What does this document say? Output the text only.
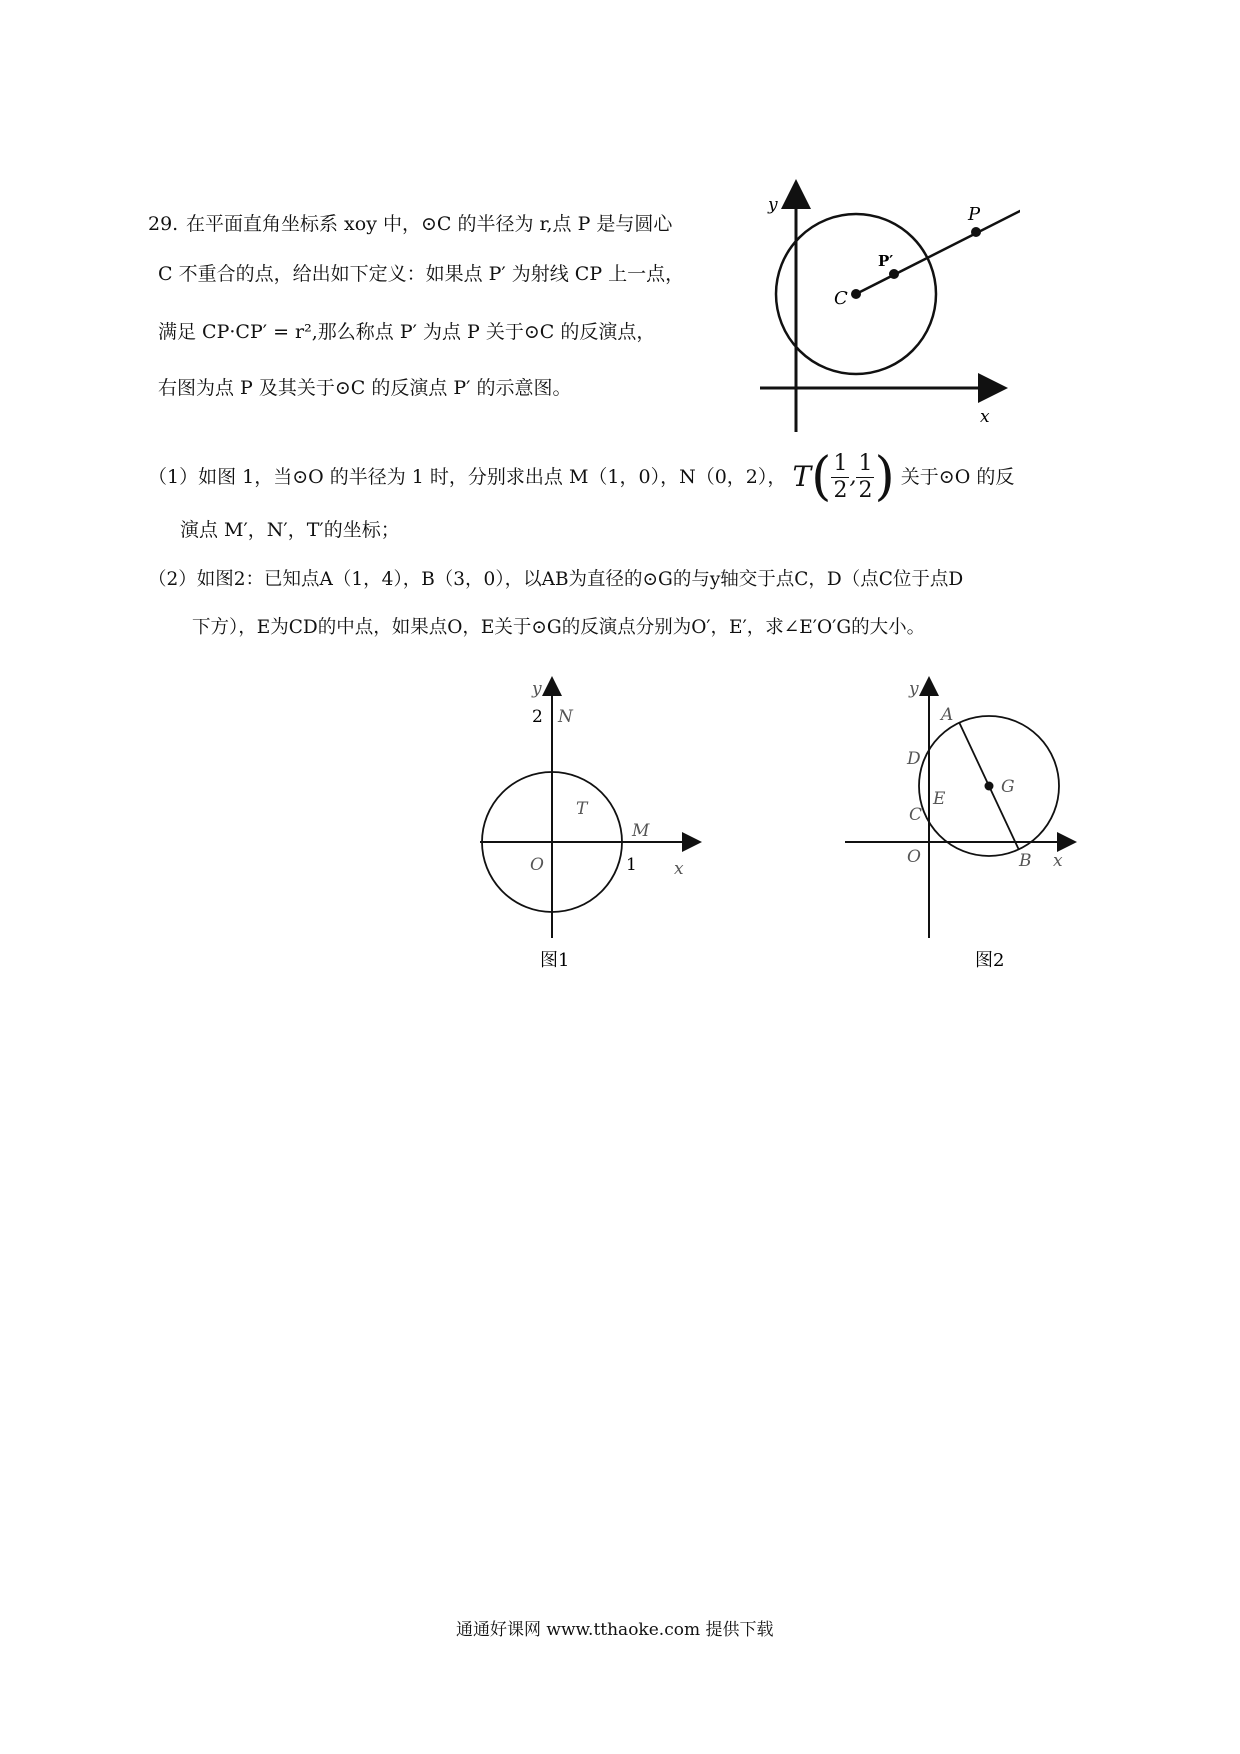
29. 在平面直角坐标系 xoy 中，⊙C 的半径为 r,点 P 是与圆心
C 不重合的点，给出如下定义：如果点 P′ 为射线 CP 上一点，
满足 CP·CP′ = r²,那么称点 P′ 为点 P 关于⊙C 的反演点，
右图为点 P 及其关于⊙C 的反演点 P′ 的示意图。
（1）如图 1，当⊙O 的半径为 1 时，分别求出点 M（1，0），N（0，2）， $T( \frac{1}{2}$ , $\frac{1}{2}$ ) 关于⊙O 的反
演点 M′，N′，T′的坐标；
（2）如图2：已知点A（1，4），B（3，0），以AB为直径的⊙G的与y轴交于点C，D（点C位于点D
下方），E为CD的中点，如果点O，E关于⊙G的反演点分别为O′，E′，求∠E′O′G的大小。
y
x
P
P′
C
y
2 N
T
M
O	1 x
图1
y
A
D
G
E
C
O	B x
图2
通通好课网 www.tthaoke.com 提供下载
